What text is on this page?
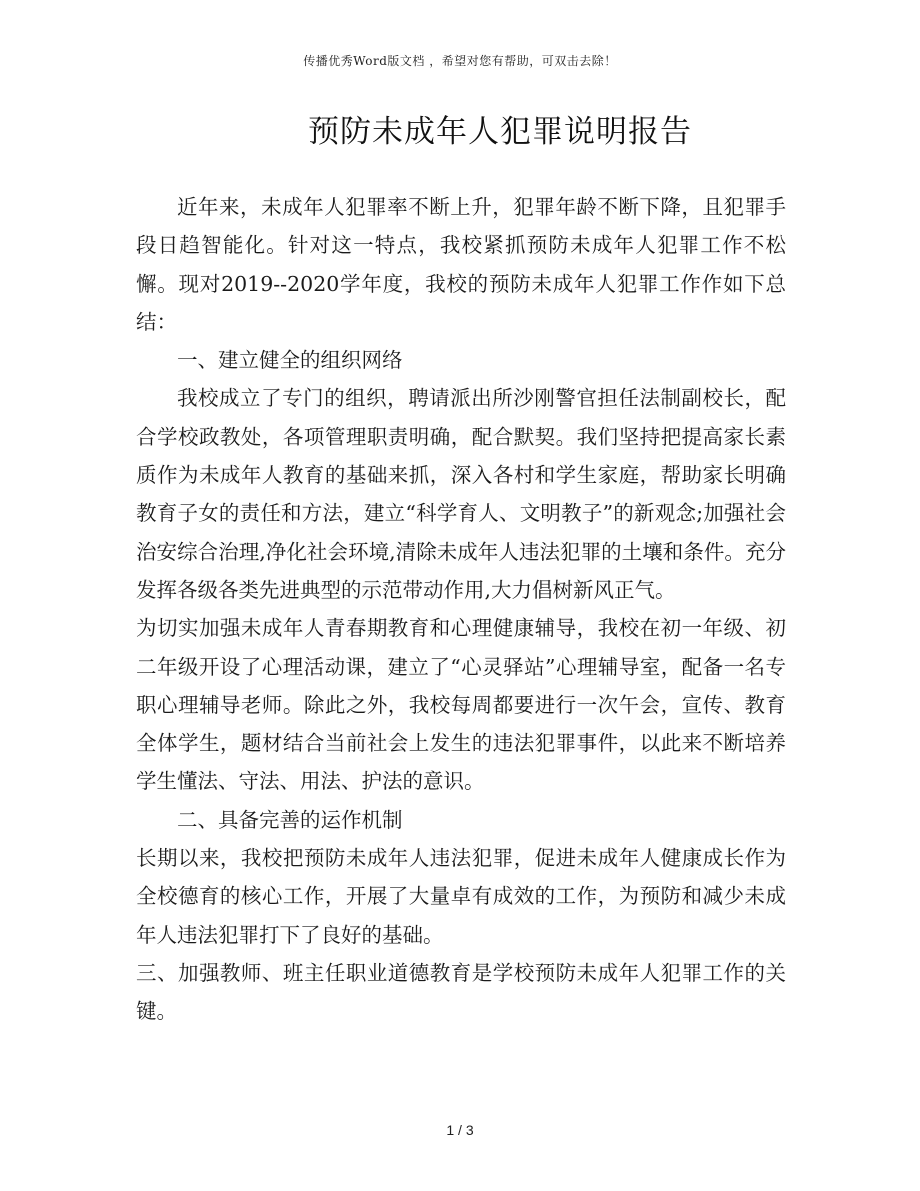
传播优秀Word版文档 ，希望对您有帮助，可双击去除！
预防未成年人犯罪说明报告

近年来，未成年人犯罪率不断上升，犯罪年龄不断下降，且犯罪手段日趋智能化。针对这一特点，我校紧抓预防未成年人犯罪工作不松懈。现对2019--2020学年度，我校的预防未成年人犯罪工作作如下总结：

一、建立健全的组织网络

我校成立了专门的组织，聘请派出所沙刚警官担任法制副校长，配合学校政教处，各项管理职责明确，配合默契。我们坚持把提高家长素质作为未成年人教育的基础来抓，深入各村和学生家庭，帮助家长明确教育子女的责任和方法，建立“科学育人、文明教子”的新观念;加强社会治安综合治理,净化社会环境,清除未成年人违法犯罪的土壤和条件。充分发挥各级各类先进典型的示范带动作用,大力倡树新风正气。

为切实加强未成年人青春期教育和心理健康辅导，我校在初一年级、初二年级开设了心理活动课，建立了“心灵驿站”心理辅导室，配备一名专职心理辅导老师。除此之外，我校每周都要进行一次午会，宣传、教育全体学生，题材结合当前社会上发生的违法犯罪事件，以此来不断培养学生懂法、守法、用法、护法的意识。

二、具备完善的运作机制

长期以来，我校把预防未成年人违法犯罪，促进未成年人健康成长作为全校德育的核心工作，开展了大量卓有成效的工作，为预防和减少未成年人违法犯罪打下了良好的基础。

三、加强教师、班主任职业道德教育是学校预防未成年人犯罪工作的关键。

1 / 3
